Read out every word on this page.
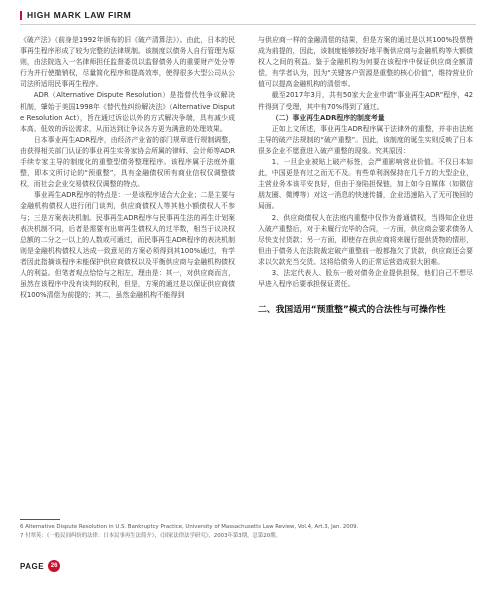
HIGH MARK LAW FIRM

《破产法》（前身是1992年颁布的旧《破产清算法》）。由此，日本的民事再生程序形成了较为完整的法律规制。该制度以债务人自行管理为原则，由法院选入一名律师担任监督委员以监督债务人的重要财产处分等行为并行使撤销权，尽量简化程序和提高效率，使得很多大型公司从公司法所适用民事再生程序。

ADR（Alternative Dispute Resolution）是指替代性争议解决机制，肇始于美国1998年《替代性纠纷解决法》（Alternative Dispute Resolution Act），旨在通过诉讼以外的方式解决争端，具有减少成本高、低效的诉讼需求，从而达到让争议各方更为满意的处理效果。

日本事业再生ADR程序，由经济产业省的部门规章进行规制调整，由获得相关部门认证的事业再生实务家协会所属的律师、会计师等ADR手续专家主导的制度化的重整型债务整理程序。该程序属于法庭外重整，即本文所讨论的“预重整”，具有金融债权所有商业信权仅调整债权，而社会企业交易债权仅调整的特点。

事业再生ADR程序的特点是：一是该程序适合大企业；二是主要与金融机构债权人进行闭门谈判，供应商债权人等其他小额债权人不参与；三是方案表决机制。民事再生ADR程序与民事再生法的再生计划案表决机制不同，后者是需要有出席再生债权人的过半数，相当于议决权总额的二分之一以上的人数或可通过，而民事再生ADR程序的表决机制则是金融机构债权人达成一致意见的方案必须得到其100%通过，有学者因此指摘该程序未能保护供应商债权以及平衡供应商与金融机构债权人的利益。但笔者观点恰恰与之相左，理由是：其一，对供应商而言，虽然在该程序中没有谈判的权利，但是，方案的通过是以保证供应商债权100%清偿为前提的；其二，虽然金融机构不能得到

与供应商一样的金融清偿的结果，但是方案的通过是以其100%投票赞成为前提的，因此，该制度能够较好地平衡供应商与金融机构等大额债权人之间的利益。鉴于金融机构为何要在该程序中保证供应商全额清偿，有学者认为，因为“关键客户资源是重整的核心价值”，维持营业价值可以提高金融机构的清偿率。

截至2017年3月，共有50家大企业申请“事业再生ADR”程序，42件得到了受理，其中有70%得到了通过。

（二）事业再生ADR程序的制度考量

正如上文所述，事业再生ADR程序属于法律外的重整，并非由法庭主导的破产法规制的“破产重整”。因此，该制度的诞生实则反映了日本很多企业不愿意进入破产重整的现象。究其原因：

1、一旦企业被贴上破产标签，会严重影响营业价值。不仅日本如此，中国更是有过之而无不及。有些单利润保持在几千万的大型企业，主营业务本该平安良好，但由于身陷担保链，加上如今自媒体（如微信朋友圈、微博等）对这一消息的快速传播，企业迅速陷入了无可挽回的局面。

2、供应商债权人在法庭内重整中仅作为普通债权，当得知企业进入破产重整后，对于未履行完毕的合同，一方面，供应商会要求债务人尽快支付货款；另一方面，即使存在供应商将来履行提供货物的情形，但由于债务人在法院裁定破产重整前一般都拖欠了货款，供应商还会要求以欠款充当交货。这将给债务人的正常运营造成很大困难。

3、法定代表人、股东一般对债务企业提供担保，他们自己不想尽早进入程序后要承担保证责任。

二、我国适用“预重整”模式的合法性与可操作性

6 Alternative Dispute Resolution in U.S. Bankruptcy Practice, University of Massachusetts Law Review, Vol.4, Art.3, Jan. 2009.

7 付翠英：《一般民间纠纷的法律：日本民事再生法简介》，《国家法律法学研究》，2003年第3期，总第20期。

PAGE	26
